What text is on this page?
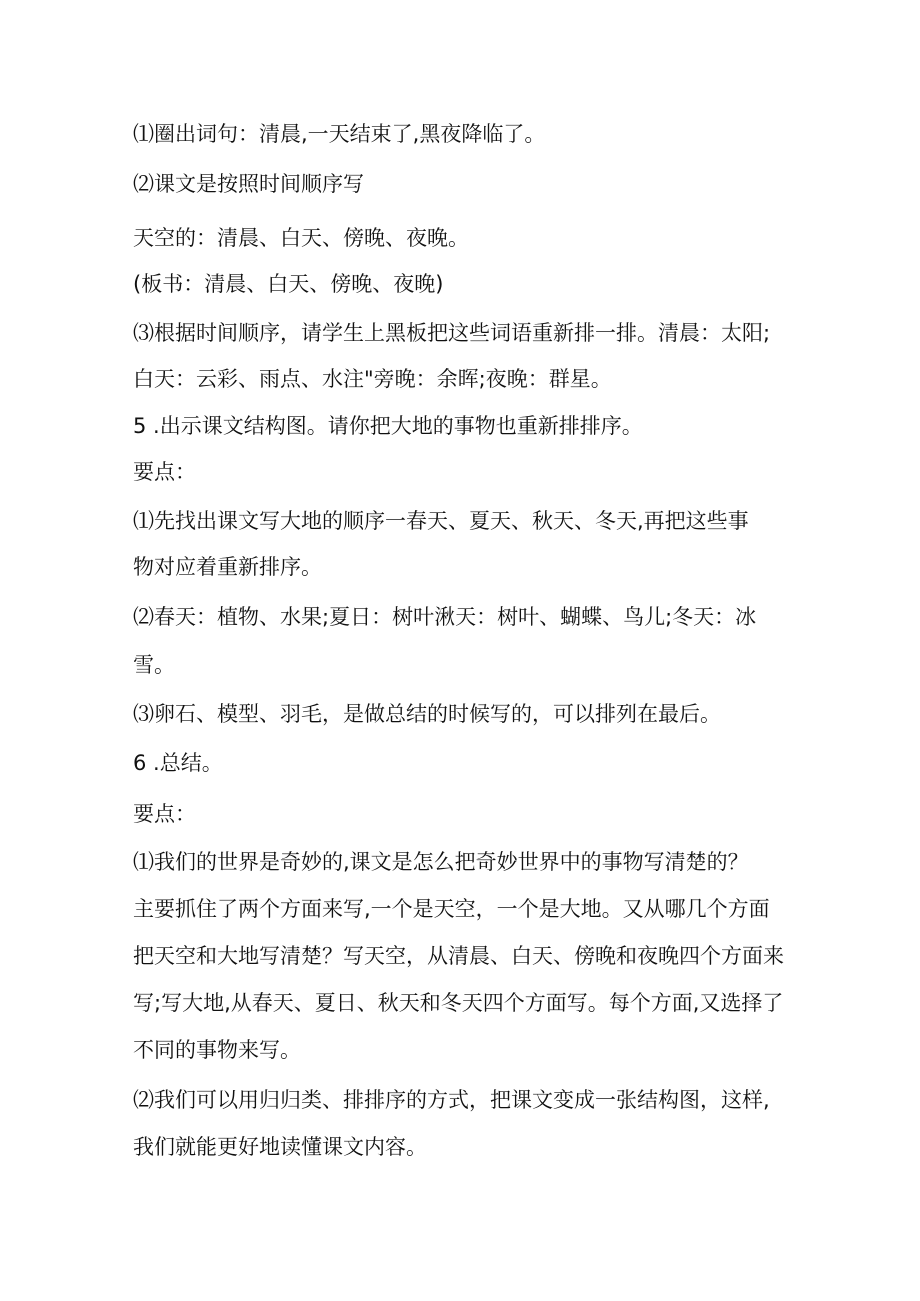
⑴圈出词句：清晨,一天结束了,黑夜降临了。
⑵课文是按照时间顺序写
天空的：清晨、白天、傍晚、夜晚。
(板书：清晨、白天、傍晚、夜晚)
⑶根据时间顺序，请学生上黑板把这些词语重新排一排。清晨：太阳;
白天：云彩、雨点、水注"旁晚：余晖;夜晚：群星。
5 .出示课文结构图。请你把大地的事物也重新排排序。
要点：
⑴先找出课文写大地的顺序一春天、夏天、秋天、冬天,再把这些事
物对应着重新排序。
⑵春天：植物、水果;夏日：树叶湫天：树叶、蝴蝶、鸟儿;冬天：冰
雪。
⑶卵石、模型、羽毛，是做总结的时候写的，可以排列在最后。
6 .总结。
要点：
⑴我们的世界是奇妙的,课文是怎么把奇妙世界中的事物写清楚的？
主要抓住了两个方面来写,一个是天空，一个是大地。又从哪几个方面
把天空和大地写清楚？写天空，从清晨、白天、傍晚和夜晚四个方面来
写;写大地,从春天、夏日、秋天和冬天四个方面写。每个方面,又选择了
不同的事物来写。
⑵我们可以用归归类、排排序的方式，把课文变成一张结构图，这样,
我们就能更好地读懂课文内容。
